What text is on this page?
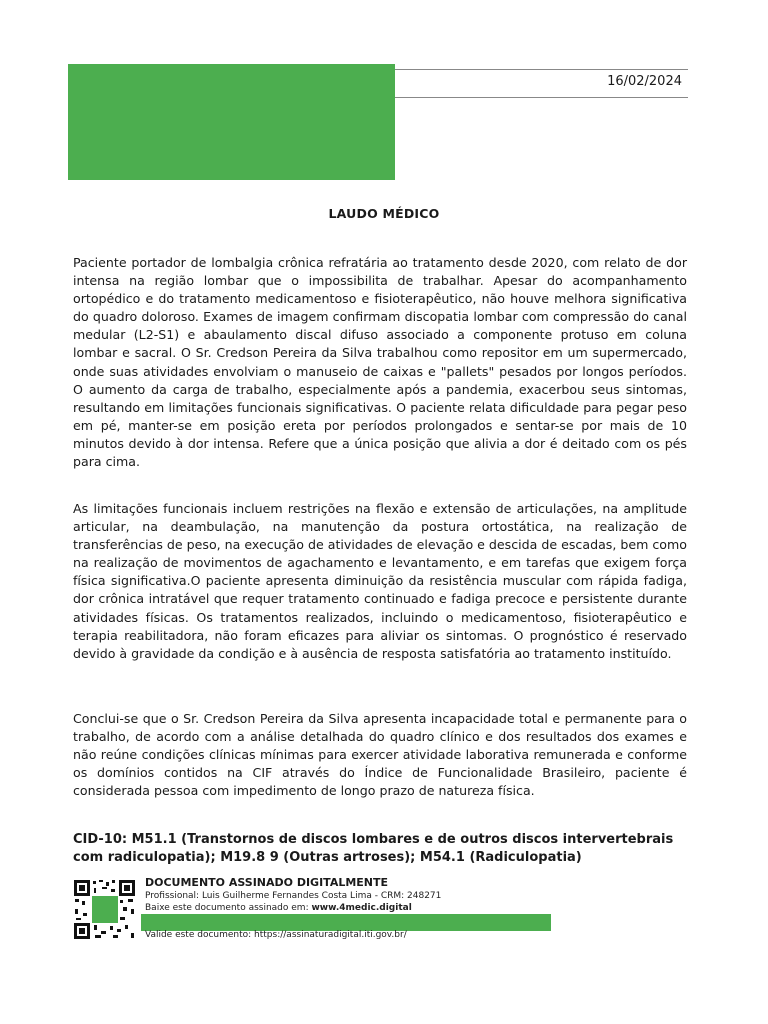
16/02/2024
LAUDO MÉDICO

Paciente portador de lombalgia crônica refratária ao tratamento desde 2020, com relato de dor intensa na região lombar que o impossibilita de trabalhar. Apesar do acompanhamento ortopédico e do tratamento medicamentoso e fisioterapêutico, não houve melhora significativa do quadro doloroso. Exames de imagem confirmam discopatia lombar com compressão do canal medular (L2-S1) e abaulamento discal difuso associado a componente protuso em coluna lombar e sacral. O Sr. Credson Pereira da Silva trabalhou como repositor em um supermercado, onde suas atividades envolviam o manuseio de caixas e "pallets" pesados por longos períodos. O aumento da carga de trabalho, especialmente após a pandemia, exacerbou seus sintomas, resultando em limitações funcionais significativas. O paciente relata dificuldade para pegar peso em pé, manter-se em posição ereta por períodos prolongados e sentar-se por mais de 10 minutos devido à dor intensa. Refere que a única posição que alivia a dor é deitado com os pés para cima.

As limitações funcionais incluem restrições na flexão e extensão de articulações, na amplitude articular, na deambulação, na manutenção da postura ortostática, na realização de transferências de peso, na execução de atividades de elevação e descida de escadas, bem como na realização de movimentos de agachamento e levantamento, e em tarefas que exigem força física significativa.O paciente apresenta diminuição da resistência muscular com rápida fadiga, dor crônica intratável que requer tratamento continuado e fadiga precoce e persistente durante atividades físicas. Os tratamentos realizados, incluindo o medicamentoso, fisioterapêutico e terapia reabilitadora, não foram eficazes para aliviar os sintomas. O prognóstico é reservado devido à gravidade da condição e à ausência de resposta satisfatória ao tratamento instituído.

Conclui-se que o Sr. Credson Pereira da Silva apresenta incapacidade total e permanente para o trabalho, de acordo com a análise detalhada do quadro clínico e dos resultados dos exames e não reúne condições clínicas mínimas para exercer atividade laborativa remunerada e conforme os domínios contidos na CIF através do Índice de Funcionalidade Brasileiro, paciente é considerada pessoa com impedimento de longo prazo de natureza física.

CID-10: M51.1 (Transtornos de discos lombares e de outros discos intervertebrais com radiculopatia); M19.8 9 (Outras artroses); M54.1 (Radiculopatia)

DOCUMENTO ASSINADO DIGITALMENTE
Profissional: Luis Guilherme Fernandes Costa Lima - CRM: 248271
Baixe este documento assinado em: www.4medic.digital
Valide este documento: https://assinaturadigital.iti.gov.br/
